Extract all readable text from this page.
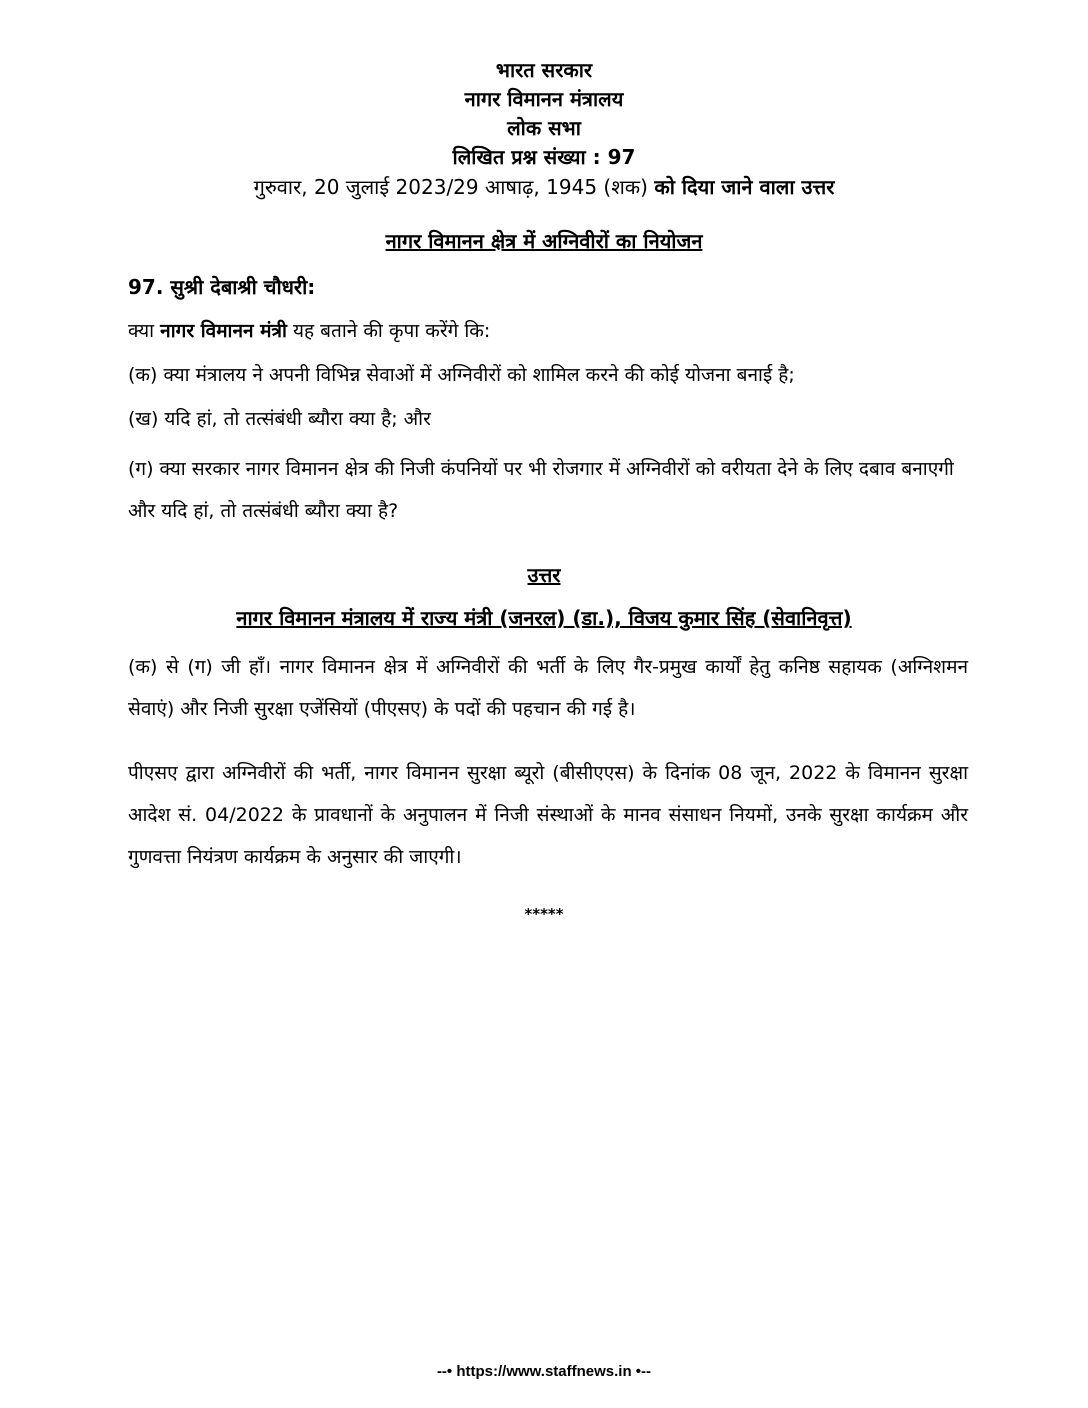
भारत सरकार
नागर विमानन मंत्रालय
लोक सभा
लिखित प्रश्न संख्या : 97
गुरुवार, 20 जुलाई 2023/29 आषाढ़, 1945 (शक) को दिया जाने वाला उत्तर
नागर विमानन क्षेत्र में अग्निवीरों का नियोजन
97. सुश्री देबाश्री चौधरी:
क्या नागर विमानन मंत्री यह बताने की कृपा करेंगे कि:
(क) क्या मंत्रालय ने अपनी विभिन्न सेवाओं में अग्निवीरों को शामिल करने की कोई योजना बनाई है;
(ख) यदि हां, तो तत्संबंधी ब्यौरा क्या है; और
(ग) क्या सरकार नागर विमानन क्षेत्र की निजी कंपनियों पर भी रोजगार में अग्निवीरों को वरीयता देने के लिए दबाव बनाएगी और यदि हां, तो तत्संबंधी ब्यौरा क्या है?
उत्तर
नागर विमानन मंत्रालय में राज्य मंत्री (जनरल) (डा.), विजय कुमार सिंह (सेवानिवृत्त)
(क) से (ग) जी हाँ। नागर विमानन क्षेत्र में अग्निवीरों की भर्ती के लिए गैर-प्रमुख कार्यों हेतु कनिष्ठ सहायक (अग्निशमन सेवाएं) और निजी सुरक्षा एजेंसियों (पीएसए) के पदों की पहचान की गई है।
पीएसए द्वारा अग्निवीरों की भर्ती, नागर विमानन सुरक्षा ब्यूरो (बीसीएएस) के दिनांक 08 जून, 2022 के विमानन सुरक्षा आदेश सं. 04/2022 के प्रावधानों के अनुपालन में निजी संस्थाओं के मानव संसाधन नियमों, उनके सुरक्षा कार्यक्रम और गुणवत्ता नियंत्रण कार्यक्रम के अनुसार की जाएगी।
*****
--• https://www.staffnews.in •--
